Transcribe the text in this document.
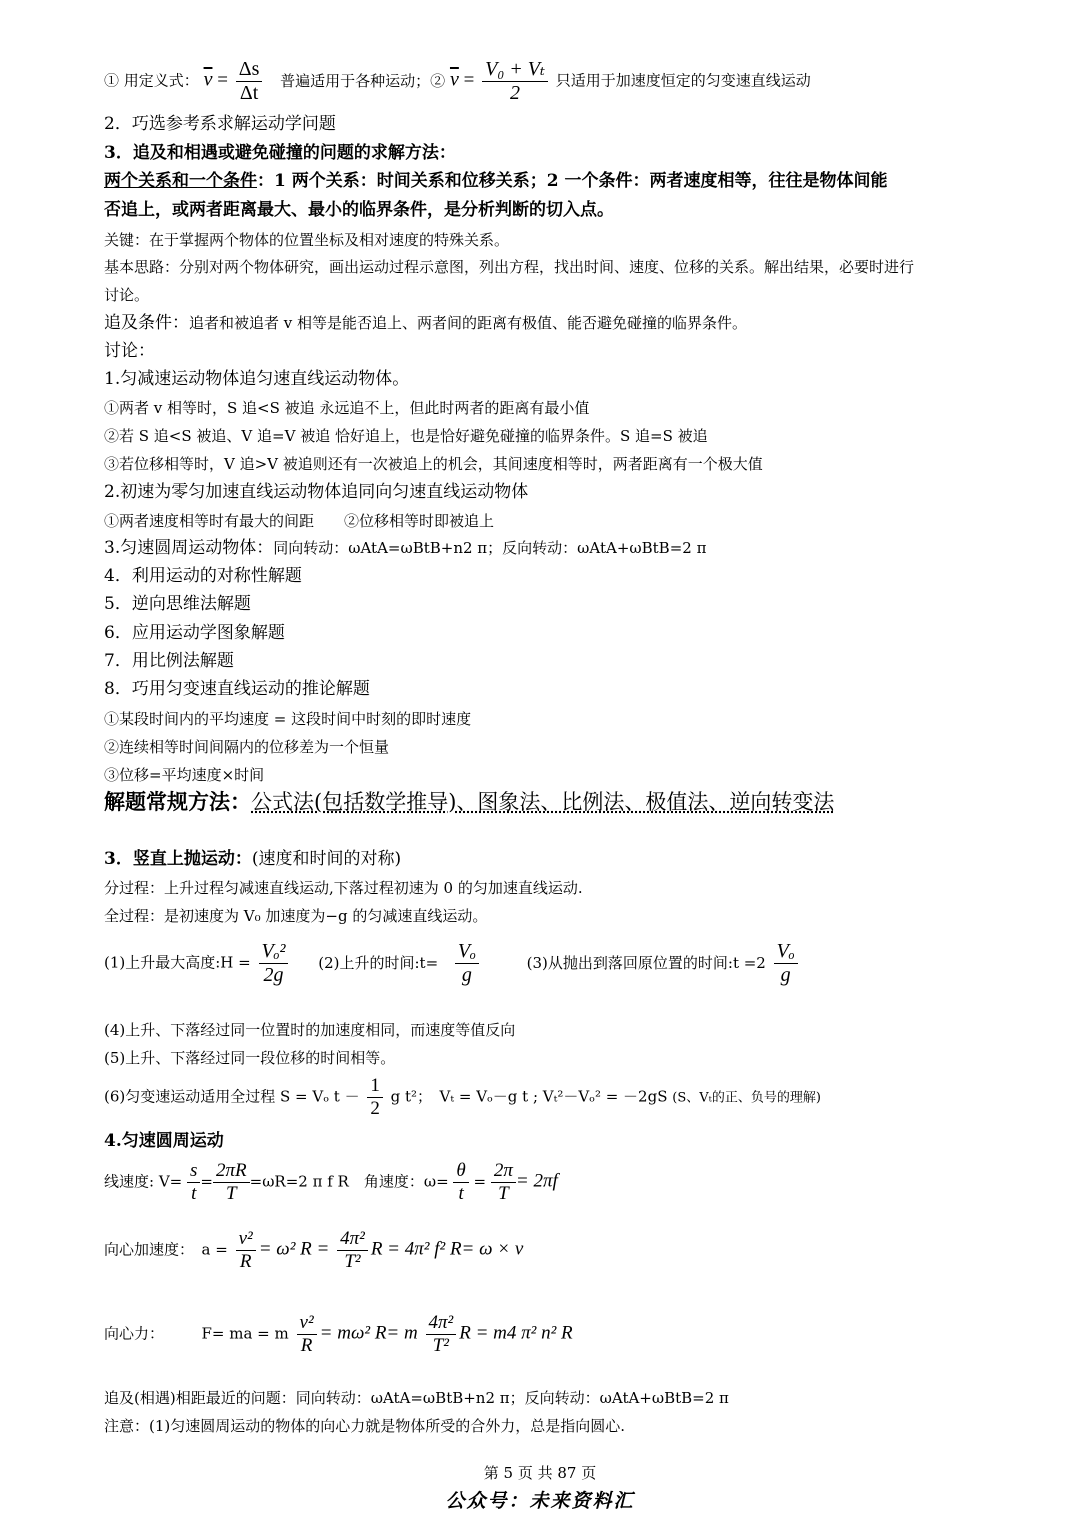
① 用定义式： $\overline{v} = \frac{\Delta s}{\Delta t}$ 普遍适用于各种运动；② $\overline{v} = \frac{\text{V₀ + Vₜ}}{2}$ 只适用于加速度恒定的匀变速直线运动
2．巧选参考系求解运动学问题
3．追及和相遇或避免碰撞的问题的求解方法：
两个关系和一个条件：1 两个关系：时间关系和位移关系；2 一个条件：两者速度相等，往往是物体间能
否追上，或两者距离最大、最小的临界条件，是分析判断的切入点。
关键：在于掌握两个物体的位置坐标及相对速度的特殊关系。
基本思路：分别对两个物体研究，画出运动过程示意图，列出方程，找出时间、速度、位移的关系。解出结果，必要时进行
讨论。
追及条件：追者和被追者 v 相等是能否追上、两者间的距离有极值、能否避免碰撞的临界条件。
讨论：
1.匀减速运动物体追匀速直线运动物体。
①两者 v 相等时，S 追<S 被追 永远追不上，但此时两者的距离有最小值
②若 S 追<S 被追、V 追=V 被追 恰好追上，也是恰好避免碰撞的临界条件。S 追=S 被追
③若位移相等时，V 追>V 被追则还有一次被追上的机会，其间速度相等时，两者距离有一个极大值
2.初速为零匀加速直线运动物体追同向匀速直线运动物体
①两者速度相等时有最大的间距　　②位移相等时即被追上
3.匀速圆周运动物体：同向转动：ωAtA=ωBtB+n2 π；反向转动：ωAtA+ωBtB=2 π
4．利用运动的对称性解题
5．逆向思维法解题
6．应用运动学图象解题
7．用比例法解题
8．巧用匀变速直线运动的推论解题
①某段时间内的平均速度 = 这段时间中时刻的即时速度
②连续相等时间间隔内的位移差为一个恒量
③位移=平均速度×时间
解题常规方法：公式法(包括数学推导)、图象法、比例法、极值法、逆向转变法
3．竖直上抛运动：(速度和时间的对称)
分过程：上升过程匀减速直线运动,下落过程初速为 0 的匀加速直线运动.
全过程：是初速度为 V₀ 加速度为−g 的匀减速直线运动。
(1)上升最大高度:H = $\frac{\text{Vₒ²}}{2g} (2)$上升的时间:t= $\frac{\text{Vₒ}}{g}$	(3)从抛出到落回原位置的时间:t $=2 \frac{\text{Vₒ}}{g}$
(4)上升、下落经过同一位置时的加速度相同，而速度等值反向
(5)上升、下落经过同一段位移的时间相等。
(6)匀变速运动适用全过程 S = Vₒ $t - \frac{1}{2}$ g t²；　Vₜ = Vₒ－g t ; Vₜ²－Vₒ² = －2gS (S、Vₜ的正、负号的理解)
4.匀速圆周运动
线速度: $V= \frac{s}{t} = \frac{2\pi R}{T} =\omega R=2$ π f R　角速度：$\omega= \frac{\theta}{t} = \frac{2\pi}{T} = 2\pi f$
向心加速度：　$a = \frac{\text{v²}}{R} = \omega^2$ $R = \frac{\text{4π²}}{\text{T²}}$ R = 4π² f² R= ω × v
向心力：　　　F= ma = m $\frac{\text{v²}}{R} = m\omega^2$ R= m $\frac{\text{4π²}}{\text{T²}}$ R = m4 π² n² R
追及(相遇)相距最近的问题：同向转动：ωAtA=ωBtB+n2 π；反向转动：ωAtA+ωBtB=2 π
注意：(1)匀速圆周运动的物体的向心力就是物体所受的合外力，总是指向圆心.
第 5 页 共 87 页
公众号：未来资料汇
